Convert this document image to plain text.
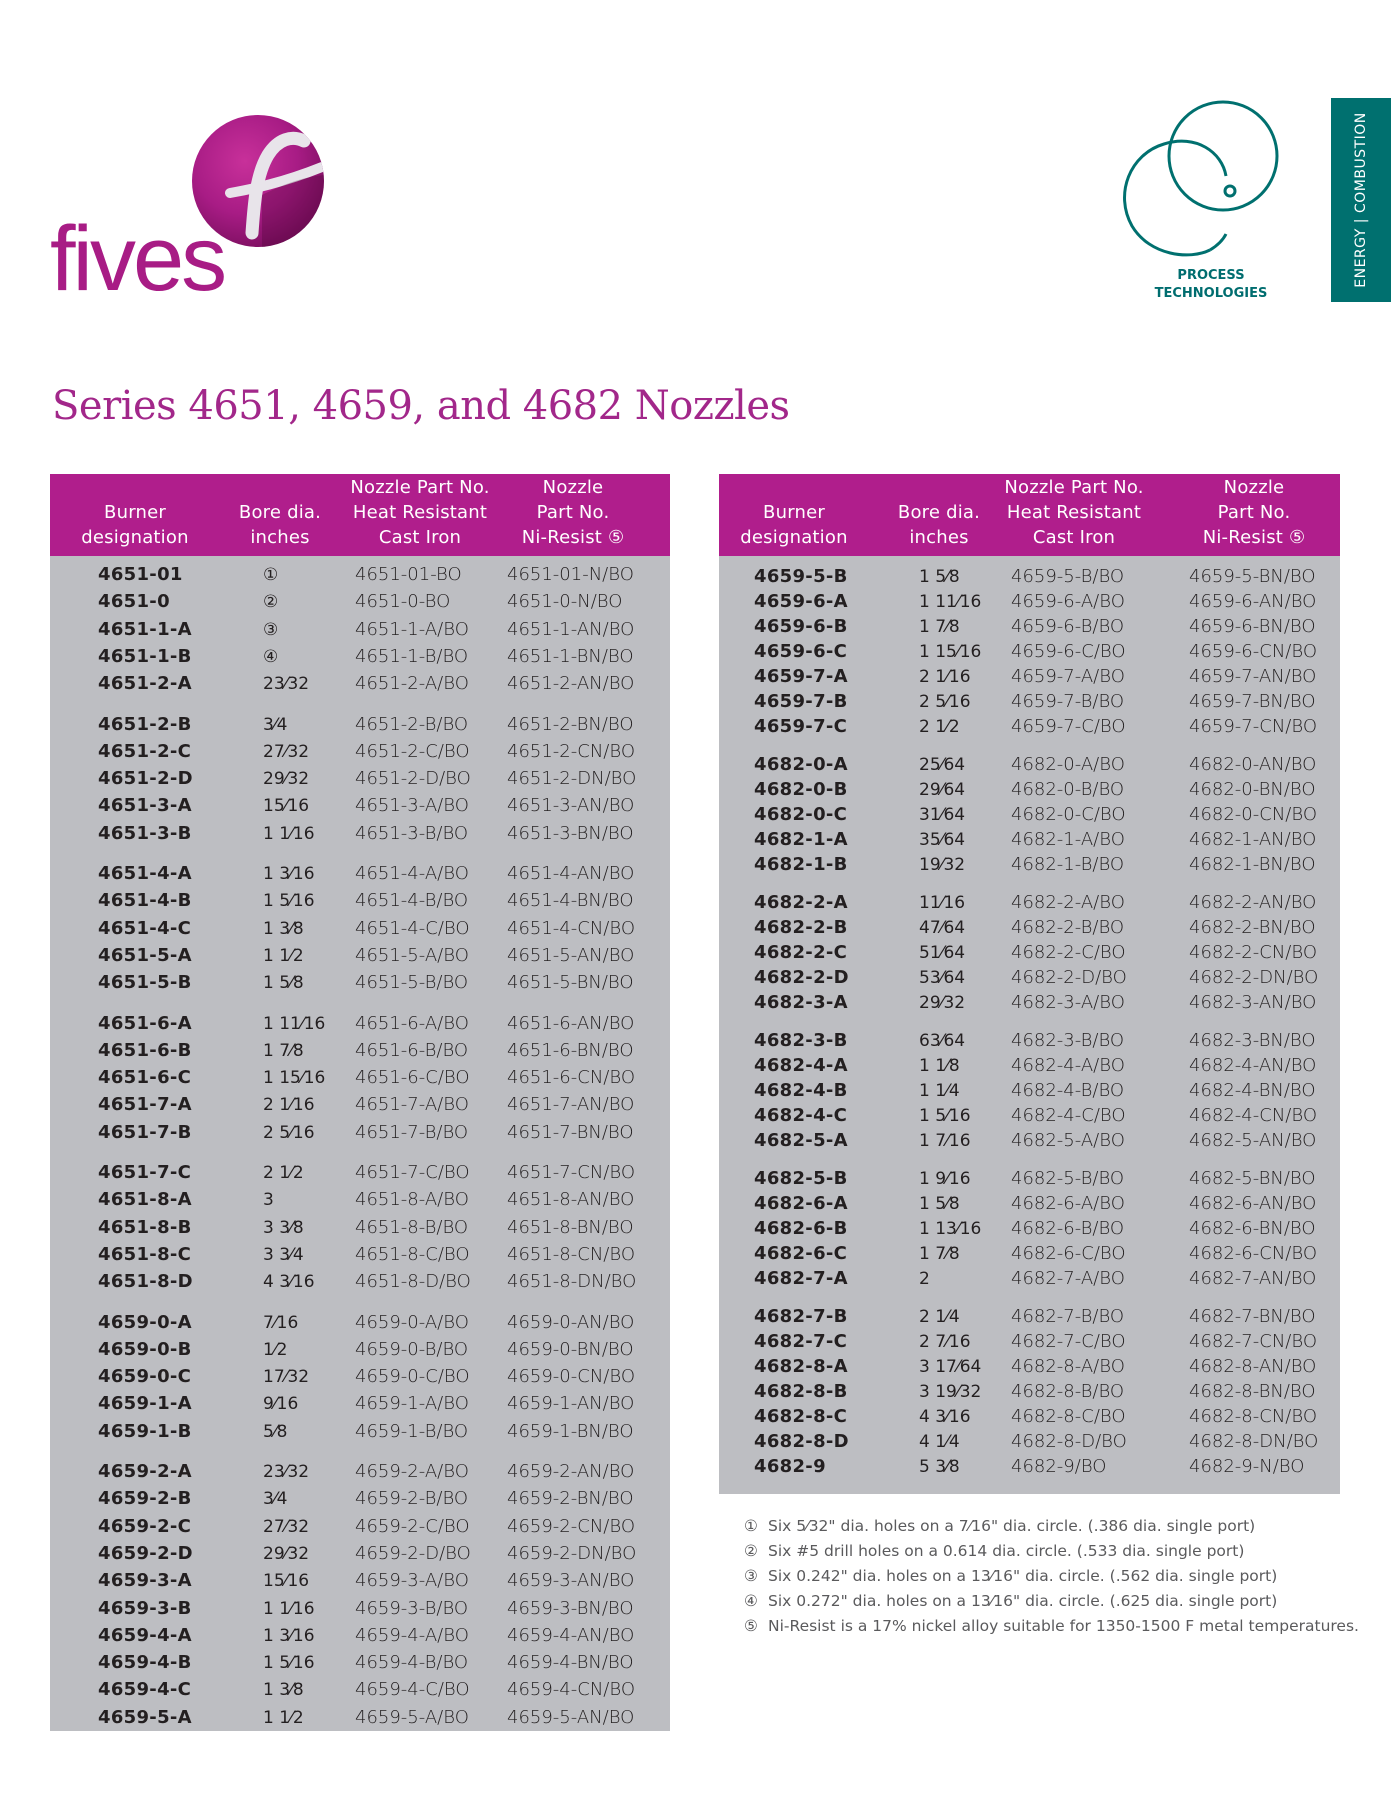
fives	PROCESS
TECHNOLOGIES
ENERGY | COMBUSTION
Series 4651, 4659, and 4682 Nozzles
Burner
designation
Bore dia.
inches
Nozzle Part No.
Heat Resistant
Cast Iron
Nozzle
Part No.
Ni-Resist ⑤
4651-01	①	4651-01-BO	4651-01-N/BO
4651-0	②	4651-0-BO	4651-0-N/BO
4651-1-A	③	4651-1-A/BO 4651-1-AN/BO
4651-1-B	④	4651-1-B/BO 4651-1-BN/BO
4651-2-A	23⁄32	4651-2-A/BO 4651-2-AN/BO
4651-2-B	3⁄4	4651-2-B/BO 4651-2-BN/BO
4651-2-C	27⁄32	4651-2-C/BO 4651-2-CN/BO
4651-2-D	29⁄32	4651-2-D/BO 4651-2-DN/BO
4651-3-A	15⁄16	4651-3-A/BO 4651-3-AN/BO
4651-3-B	1 1⁄16 4651-3-B/BO 4651-3-BN/BO
4651-4-A	1 3⁄16 4651-4-A/BO 4651-4-AN/BO
4651-4-B	1 5⁄16 4651-4-B/BO 4651-4-BN/BO
4651-4-C	1 3⁄8	4651-4-C/BO 4651-4-CN/BO
4651-5-A	1 1⁄2	4651-5-A/BO 4651-5-AN/BO
4651-5-B	1 5⁄8	4651-5-B/BO 4651-5-BN/BO
4651-6-A	1 11⁄16 4651-6-A/BO 4651-6-AN/BO
4651-6-B	1 7⁄8	4651-6-B/BO 4651-6-BN/BO
4651-6-C	1 15⁄16 4651-6-C/BO 4651-6-CN/BO
4651-7-A	2 1⁄16 4651-7-A/BO 4651-7-AN/BO
4651-7-B	2 5⁄16 4651-7-B/BO 4651-7-BN/BO
4651-7-C	2 1⁄2	4651-7-C/BO 4651-7-CN/BO
4651-8-A	3	4651-8-A/BO 4651-8-AN/BO
4651-8-B	3 3⁄8	4651-8-B/BO 4651-8-BN/BO
4651-8-C	3 3⁄4	4651-8-C/BO 4651-8-CN/BO
4651-8-D	4 3⁄16 4651-8-D/BO 4651-8-DN/BO
4659-0-A	7⁄16	4659-0-A/BO 4659-0-AN/BO
4659-0-B	1⁄2	4659-0-B/BO 4659-0-BN/BO
4659-0-C	17⁄32	4659-0-C/BO 4659-0-CN/BO
4659-1-A	9⁄16	4659-1-A/BO 4659-1-AN/BO
4659-1-B	5⁄8	4659-1-B/BO 4659-1-BN/BO
4659-2-A	23⁄32	4659-2-A/BO 4659-2-AN/BO
4659-2-B	3⁄4	4659-2-B/BO 4659-2-BN/BO
4659-2-C	27⁄32	4659-2-C/BO 4659-2-CN/BO
4659-2-D	29⁄32	4659-2-D/BO 4659-2-DN/BO
4659-3-A	15⁄16	4659-3-A/BO 4659-3-AN/BO
4659-3-B	1 1⁄16 4659-3-B/BO 4659-3-BN/BO
4659-4-A	1 3⁄16 4659-4-A/BO 4659-4-AN/BO
4659-4-B	1 5⁄16 4659-4-B/BO 4659-4-BN/BO
4659-4-C	1 3⁄8	4659-4-C/BO 4659-4-CN/BO
4659-5-A	1 1⁄2	4659-5-A/BO 4659-5-AN/BO
Burner
designation
Bore dia.
inches
Nozzle Part No.
Heat Resistant
Cast Iron
Nozzle
Part No.
Ni-Resist ⑤
4659-5-B	1 5⁄8	4659-5-B/BO	4659-5-BN/BO
4659-6-A	1 11⁄16 4659-6-A/BO	4659-6-AN/BO
4659-6-B	1 7⁄8	4659-6-B/BO	4659-6-BN/BO
4659-6-C	1 15⁄16 4659-6-C/BO	4659-6-CN/BO
4659-7-A	2 1⁄16 4659-7-A/BO	4659-7-AN/BO
4659-7-B	2 5⁄16 4659-7-B/BO	4659-7-BN/BO
4659-7-C	2 1⁄2	4659-7-C/BO	4659-7-CN/BO
4682-0-A	25⁄64	4682-0-A/BO	4682-0-AN/BO
4682-0-B	29⁄64	4682-0-B/BO	4682-0-BN/BO
4682-0-C	31⁄64	4682-0-C/BO	4682-0-CN/BO
4682-1-A	35⁄64	4682-1-A/BO	4682-1-AN/BO
4682-1-B	19⁄32	4682-1-B/BO	4682-1-BN/BO
4682-2-A	11⁄16	4682-2-A/BO	4682-2-AN/BO
4682-2-B	47⁄64	4682-2-B/BO	4682-2-BN/BO
4682-2-C	51⁄64	4682-2-C/BO	4682-2-CN/BO
4682-2-D	53⁄64	4682-2-D/BO	4682-2-DN/BO
4682-3-A	29⁄32	4682-3-A/BO	4682-3-AN/BO
4682-3-B	63⁄64	4682-3-B/BO	4682-3-BN/BO
4682-4-A	1 1⁄8	4682-4-A/BO	4682-4-AN/BO
4682-4-B	1 1⁄4	4682-4-B/BO	4682-4-BN/BO
4682-4-C	1 5⁄16 4682-4-C/BO	4682-4-CN/BO
4682-5-A	1 7⁄16 4682-5-A/BO	4682-5-AN/BO
4682-5-B	1 9⁄16 4682-5-B/BO	4682-5-BN/BO
4682-6-A	1 5⁄8	4682-6-A/BO	4682-6-AN/BO
4682-6-B	1 13⁄16 4682-6-B/BO	4682-6-BN/BO
4682-6-C	1 7⁄8	4682-6-C/BO	4682-6-CN/BO
4682-7-A	2	4682-7-A/BO	4682-7-AN/BO
4682-7-B	2 1⁄4	4682-7-B/BO	4682-7-BN/BO
4682-7-C	2 7⁄16 4682-7-C/BO	4682-7-CN/BO
4682-8-A	3 17⁄64 4682-8-A/BO	4682-8-AN/BO
4682-8-B	3 19⁄32 4682-8-B/BO	4682-8-BN/BO
4682-8-C	4 3⁄16 4682-8-C/BO	4682-8-CN/BO
4682-8-D	4 1⁄4	4682-8-D/BO	4682-8-DN/BO
4682-9	5 3⁄8	4682-9/BO	4682-9-N/BO
① Six 5⁄32" dia. holes on a 7⁄16" dia. circle. (.386 dia. single port)
② Six #5 drill holes on a 0.614 dia. circle. (.533 dia. single port)
③ Six 0.242" dia. holes on a 13⁄16" dia. circle. (.562 dia. single port)
④ Six 0.272" dia. holes on a 13⁄16" dia. circle. (.625 dia. single port)
⑤ Ni-Resist is a 17% nickel alloy suitable for 1350-1500 F metal temperatures.
